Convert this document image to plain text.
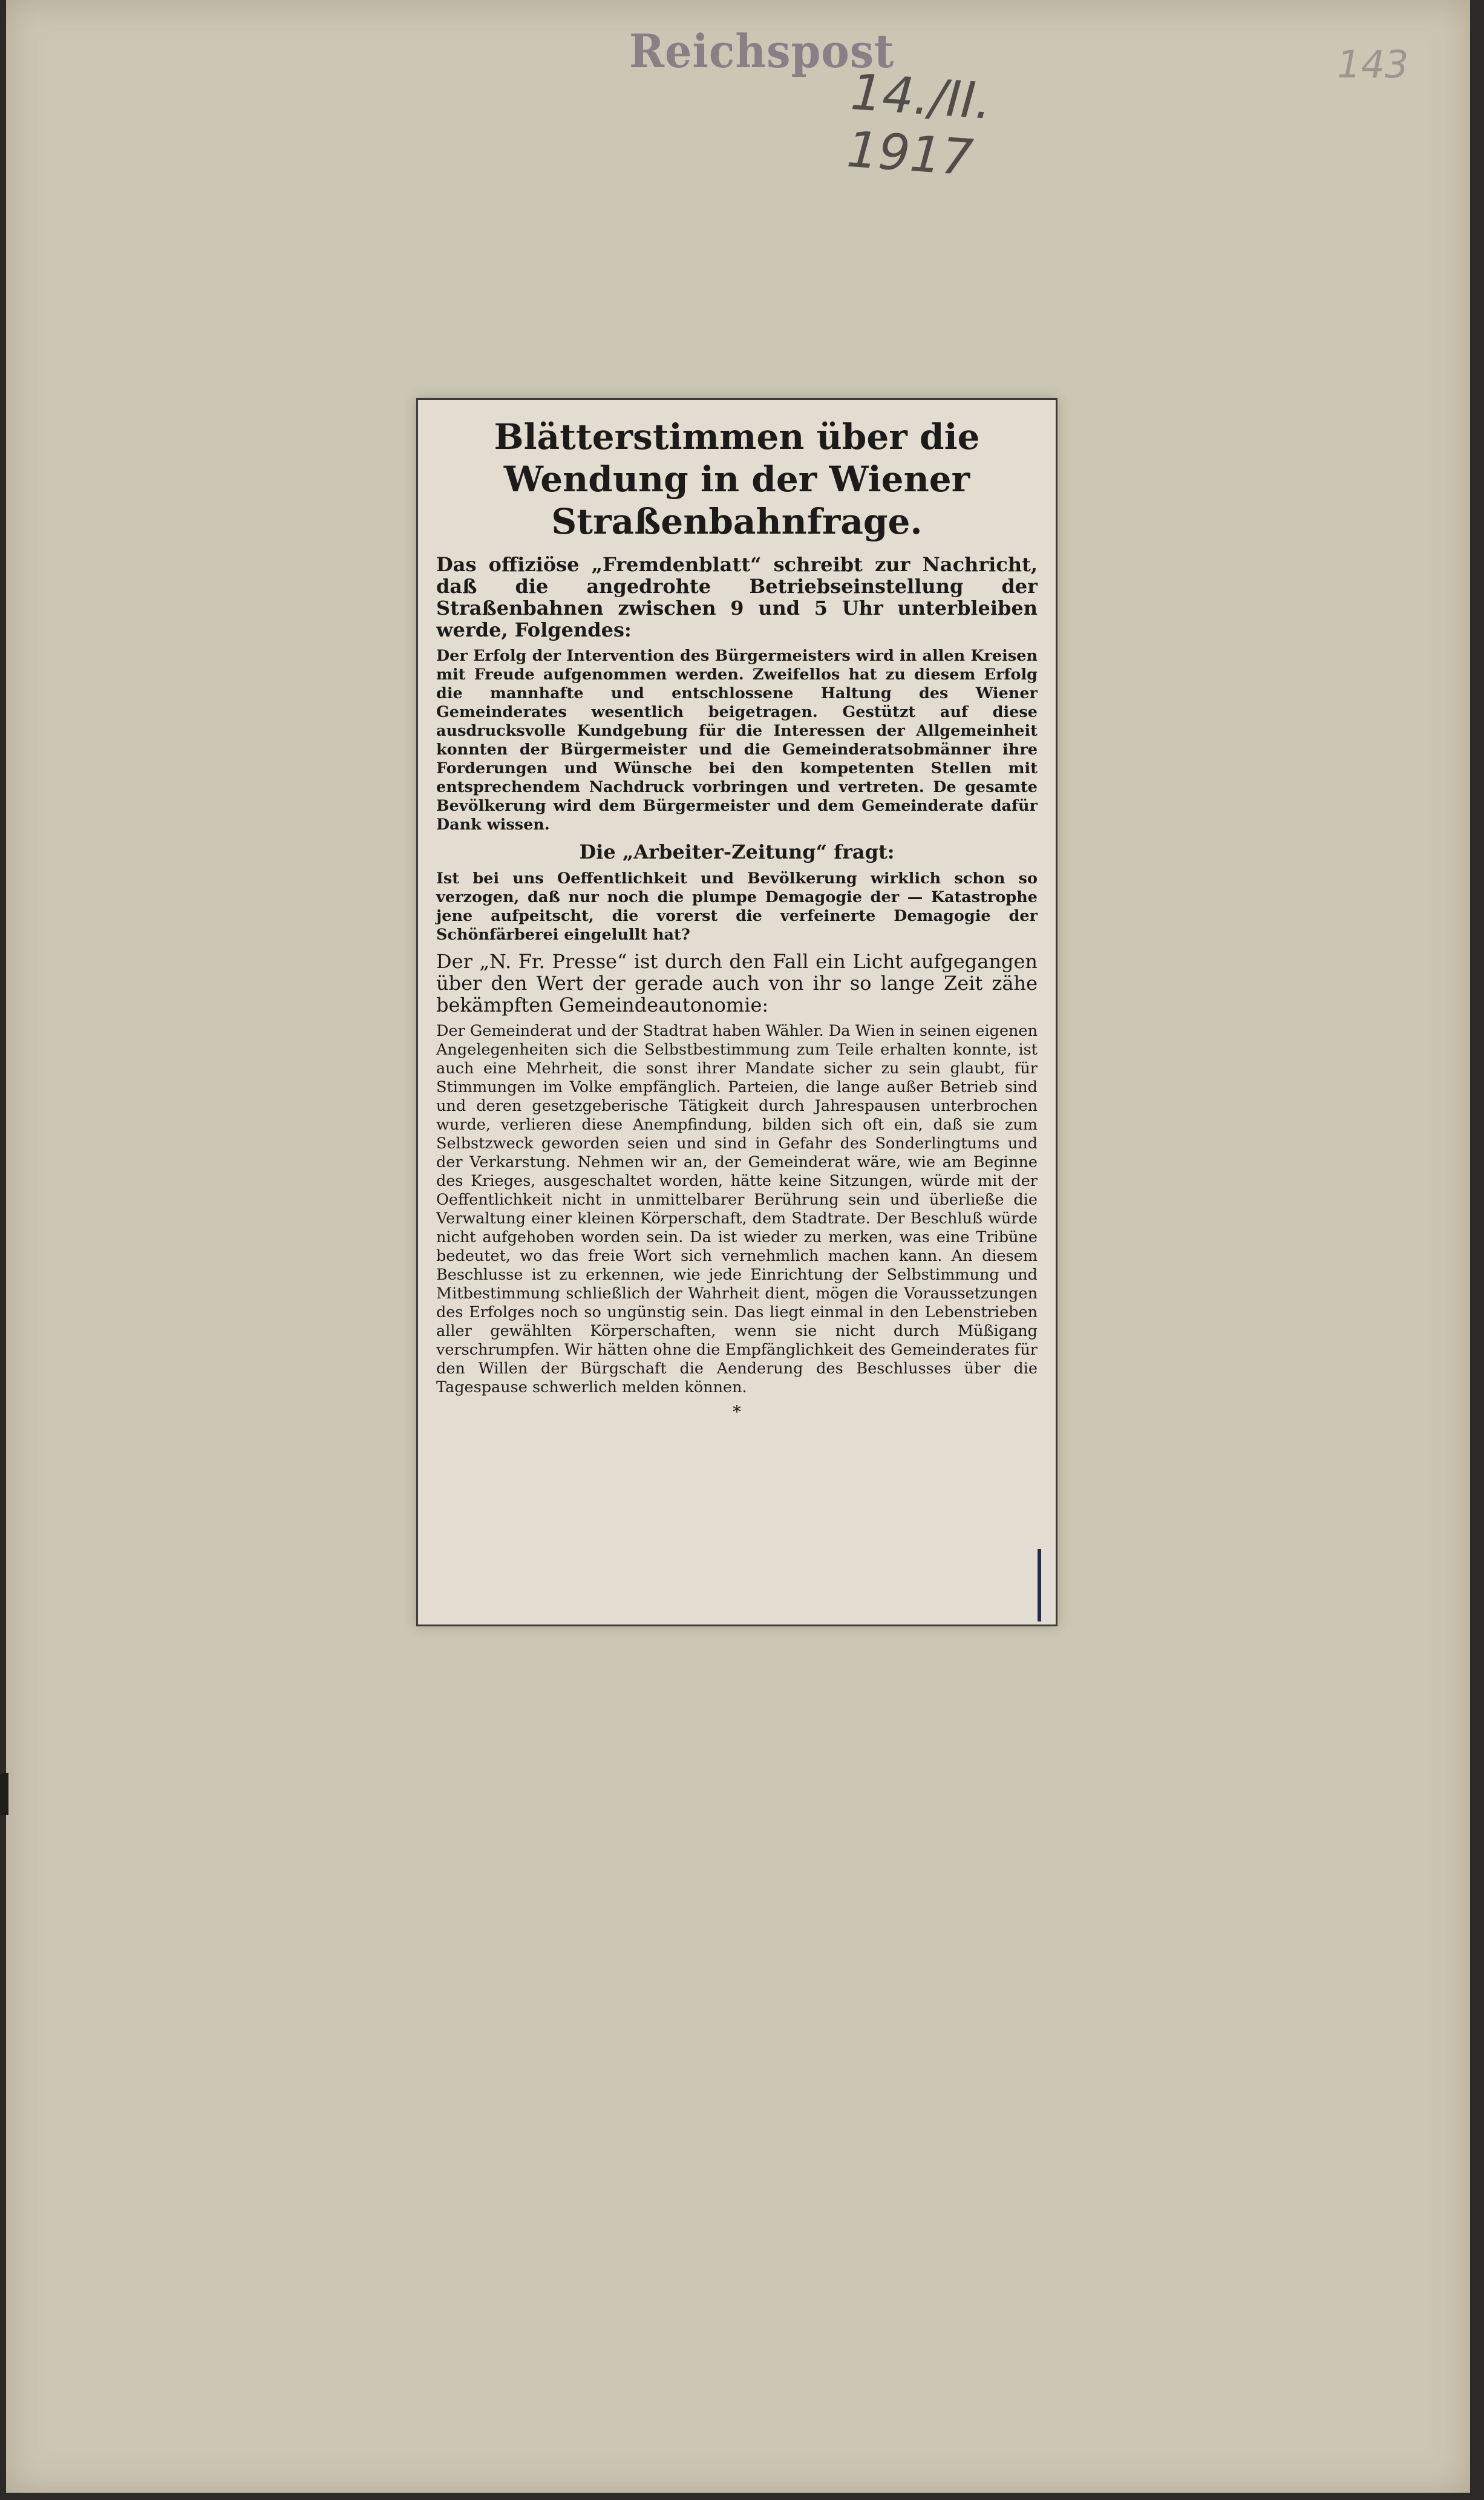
Reichspost
14./II. 1917
143
Blätterstimmen über die Wendung in der Wiener Straßenbahnfrage.

Das offiziöse „Fremdenblatt“ schreibt zur Nachricht, daß die angedrohte Betriebseinstellung der Straßenbahnen zwischen 9 und 5 Uhr unterbleiben werde, Folgendes:

Der Erfolg der Intervention des Bürgermeisters wird in allen Kreisen mit Freude aufgenommen werden. Zweifellos hat zu diesem Erfolg die mannhafte und entschlossene Haltung des Wiener Gemeinderates wesentlich beigetragen. Gestützt auf diese ausdrucksvolle Kundgebung für die Interessen der Allgemeinheit konnten der Bürgermeister und die Gemeinderatsobmänner ihre Forderungen und Wünsche bei den kompetenten Stellen mit entsprechendem Nachdruck vorbringen und vertreten. De gesamte Bevölkerung wird dem Bürgermeister und dem Gemeinderate dafür Dank wissen.

Die „Arbeiter-Zeitung“ fragt:

Ist bei uns Oeffentlichkeit und Bevölkerung wirklich schon so verzogen, daß nur noch die plumpe Demagogie der — Katastrophe jene aufpeitscht, die vorerst die verfeinerte Demagogie der Schönfärberei eingelullt hat?

Der „N. Fr. Presse“ ist durch den Fall ein Licht aufgegangen über den Wert der gerade auch von ihr so lange Zeit zähe bekämpften Gemeindeautonomie:

Der Gemeinderat und der Stadtrat haben Wähler. Da Wien in seinen eigenen Angelegenheiten sich die Selbstbestimmung zum Teile erhalten konnte, ist auch eine Mehrheit, die sonst ihrer Mandate sicher zu sein glaubt, für Stimmungen im Volke empfänglich. Parteien, die lange außer Betrieb sind und deren gesetzgeberische Tätigkeit durch Jahrespausen unterbrochen wurde, verlieren diese Anempfindung, bilden sich oft ein, daß sie zum Selbstzweck geworden seien und sind in Gefahr des Sonderlingtums und der Verkarstung. Nehmen wir an, der Gemeinderat wäre, wie am Beginne des Krieges, ausgeschaltet worden, hätte keine Sitzungen, würde mit der Oeffentlichkeit nicht in unmittelbarer Berührung sein und überließe die Verwaltung einer kleinen Körperschaft, dem Stadtrate. Der Beschluß würde nicht aufgehoben worden sein. Da ist wieder zu merken, was eine Tribüne bedeutet, wo das freie Wort sich vernehmlich machen kann. An diesem Beschlusse ist zu erkennen, wie jede Einrichtung der Selbstimmung und Mitbestimmung schließlich der Wahrheit dient, mögen die Voraussetzungen des Erfolges noch so ungünstig sein. Das liegt einmal in den Lebenstrieben aller gewählten Körperschaften, wenn sie nicht durch Müßigang verschrumpfen. Wir hätten ohne die Empfänglichkeit des Gemeinderates für den Willen der Bürgschaft die Aenderung des Beschlusses über die Tagespause schwerlich melden können.

*
